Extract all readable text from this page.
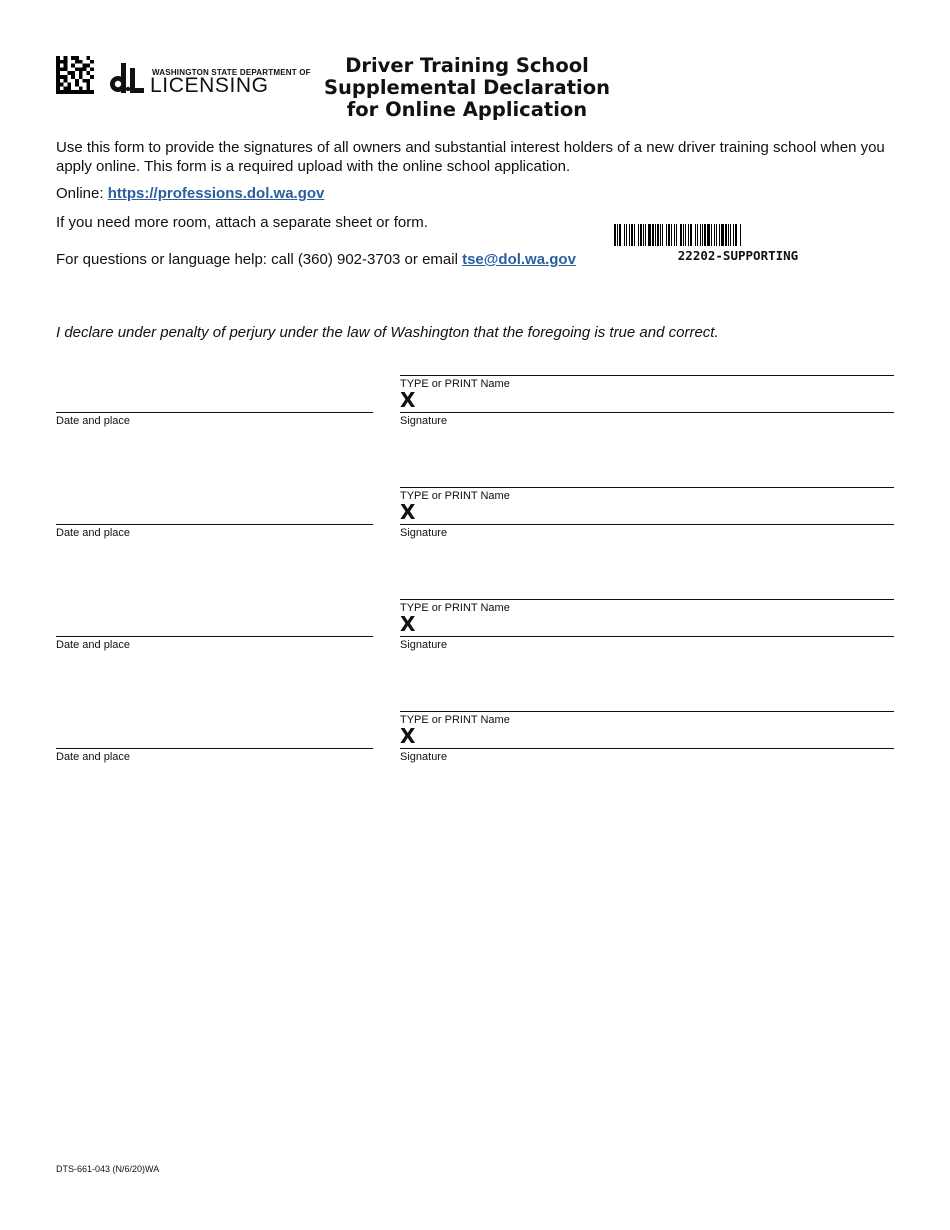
WASHINGTON STATE DEPARTMENT OF
LICENSING
Driver Training School
Supplemental Declaration
for Online Application
Use this form to provide the signatures of all owners and substantial interest holders of a new driver training school when you apply online. This form is a required upload with the online school application.
Online: https://professions.dol.wa.gov
If you need more room, attach a separate sheet or form.
For questions or language help: call (360) 902-3703 or email tse@dol.wa.gov	22202-SUPPORTING
I declare under penalty of perjury under the law of Washington that the foregoing is true and correct.
TYPE or PRINT Name
X
Date and place	Signature
TYPE or PRINT Name
X
Date and place	Signature
TYPE or PRINT Name
X
Date and place	Signature
TYPE or PRINT Name
X
Date and place	Signature
DTS-661-043 (N/6/20)WA
